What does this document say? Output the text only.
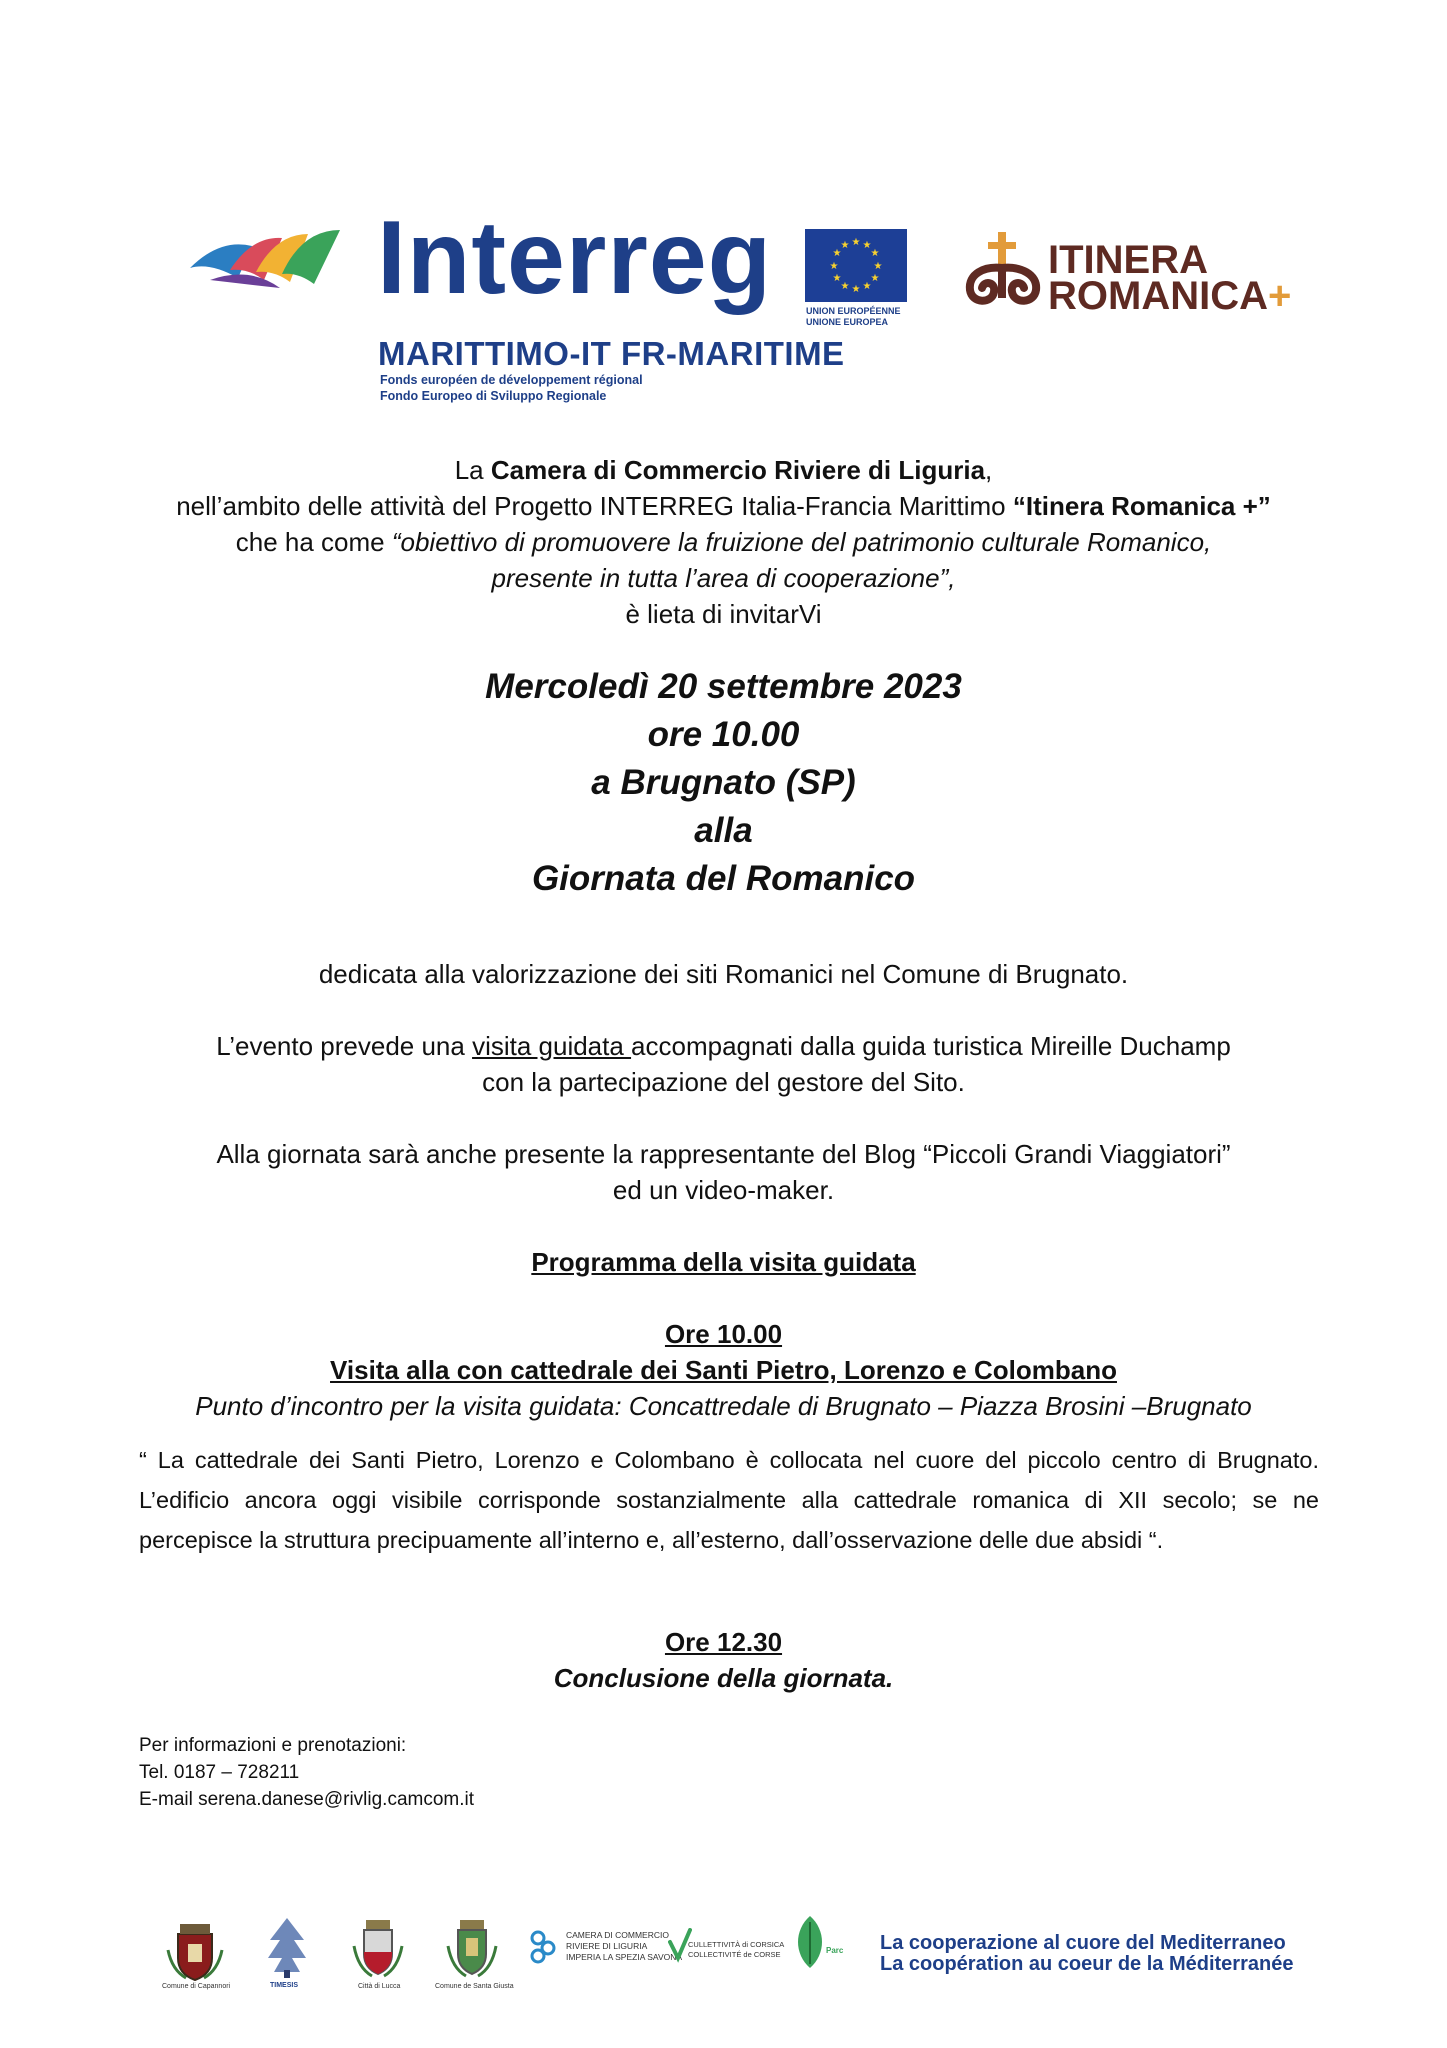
Interreg
MARITTIMO-IT FR-MARITIME
Fonds européen de développement régional
Fondo Europeo di Sviluppo Regionale
★ ★
★
★
★
★
★
★
★
★
★
★
UNION EUROPÉENNE
UNIONE EUROPEA
ITINERA
ROMANICA+
La Camera di Commercio Riviere di Liguria,
nell’ambito delle attività del Progetto INTERREG Italia-Francia Marittimo “Itinera Romanica +”
che ha come “obiettivo di promuovere la fruizione del patrimonio culturale Romanico,
presente in tutta l’area di cooperazione”,
è lieta di invitarVi
Mercoledì 20 settembre 2023
ore 10.00
a Brugnato (SP)
alla
Giornata del Romanico
dedicata alla valorizzazione dei siti Romanici nel Comune di Brugnato.
L’evento prevede una visita guidata accompagnati dalla guida turistica Mireille Duchamp
con la partecipazione del gestore del Sito.
Alla giornata sarà anche presente la rappresentante del Blog “Piccoli Grandi Viaggiatori”
ed un video-maker.
Programma della visita guidata
Ore 10.00
Visita alla con cattedrale dei Santi Pietro, Lorenzo e Colombano
Punto d’incontro per la visita guidata: Concattredale di Brugnato – Piazza Brosini –Brugnato
“ La cattedrale dei Santi Pietro, Lorenzo e Colombano è collocata nel cuore del piccolo centro di Brugnato.
L’edificio ancora oggi visibile corrisponde sostanzialmente alla cattedrale romanica di XII secolo; se ne
percepisce la struttura precipuamente all’interno e, all’esterno, dall’osservazione delle due absidi “.
Ore 12.30
Conclusione della giornata.
Per informazioni e prenotazioni:
Tel. 0187 – 728211
E-mail serena.danese@rivlig.camcom.it
Comune di Capannori	TIMESIS	Città di Lucca	Comune de Santa Giusta
CAMERA DI COMMERCIO
RIVIERE DI LIGURIA
IMPERIA LA SPEZIA SAVONA
CULLETTIVITÀ di CORSICA
COLLECTIVITÉ de CORSE	Parc La cooperazione al cuore del Mediterraneo
La coopération au coeur de la Méditerranée
